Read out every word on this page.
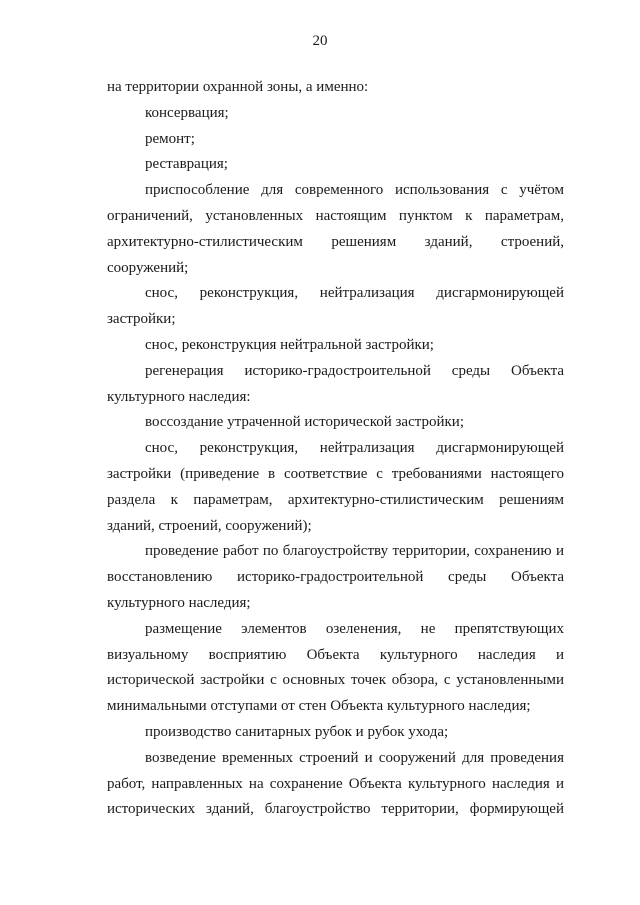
20

на территории охранной зоны, а именно:

консервация;

ремонт;

реставрация;

приспособление для современного использования с учётом ограничений, установленных настоящим пунктом к параметрам, архитектурно-стилистическим решениям зданий, строений, сооружений;

снос, реконструкция, нейтрализация дисгармонирующей застройки;

снос, реконструкция нейтральной застройки;

регенерация историко-градостроительной среды Объекта культурного наследия:

воссоздание утраченной исторической застройки;

снос, реконструкция, нейтрализация дисгармонирующей застройки (приведение в соответствие с требованиями настоящего раздела к параметрам, архитектурно-стилистическим решениям зданий, строений, сооружений);

проведение работ по благоустройству территории, сохранению и восстановлению историко-градостроительной среды Объекта культурного наследия;

размещение элементов озеленения, не препятствующих визуальному восприятию Объекта культурного наследия и исторической застройки с основных точек обзора, с установленными минимальными отступами от стен Объекта культурного наследия;

производство санитарных рубок и рубок ухода;

возведение временных строений и сооружений для проведения работ, направленных на сохранение Объекта культурного наследия и исторических зданий, благоустройство территории, формирующей
